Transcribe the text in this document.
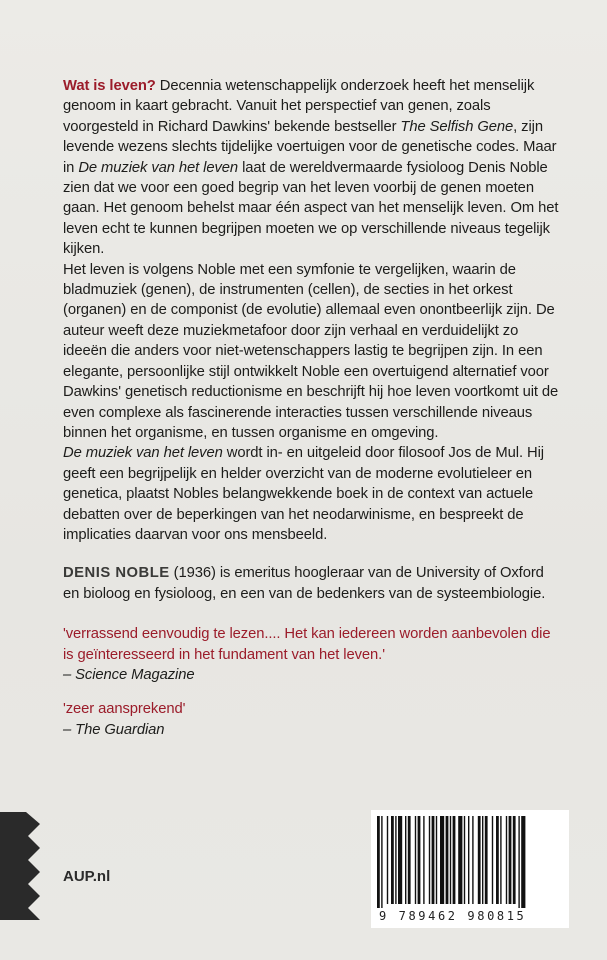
Wat is leven? Decennia wetenschappelijk onderzoek heeft het menselijk genoom in kaart gebracht. Vanuit het perspectief van genen, zoals voorgesteld in Richard Dawkins' bekende bestseller The Selfish Gene, zijn levende wezens slechts tijdelijke voertuigen voor de genetische codes. Maar in De muziek van het leven laat de wereldvermaarde fysioloog Denis Noble zien dat we voor een goed begrip van het leven voorbij de genen moeten gaan. Het genoom behelst maar één aspect van het menselijk leven. Om het leven echt te kunnen begrijpen moeten we op verschillende niveaus tegelijk kijken.

Het leven is volgens Noble met een symfonie te vergelijken, waarin de bladmuziek (genen), de instrumenten (cellen), de secties in het orkest (organen) en de componist (de evolutie) allemaal even onontbeerlijk zijn. De auteur weeft deze muziekmetafoor door zijn verhaal en verduidelijkt zo ideeën die anders voor niet-wetenschappers lastig te begrijpen zijn. In een elegante, persoonlijke stijl ontwikkelt Noble een overtuigend alternatief voor Dawkins' genetisch reductionisme en beschrijft hij hoe leven voortkomt uit de even complexe als fascinerende interacties tussen verschillende niveaus binnen het organisme, en tussen organisme en omgeving.

De muziek van het leven wordt in- en uitgeleid door filosoof Jos de Mul. Hij geeft een begrijpelijk en helder overzicht van de moderne evolutieleer en genetica, plaatst Nobles belangwekkende boek in de context van actuele debatten over de beperkingen van het neodarwinisme, en bespreekt de implicaties daarvan voor ons mensbeeld.

DENIS NOBLE (1936) is emeritus hoogleraar van de University of Oxford en bioloog en fysioloog, en een van de bedenkers van de systeembiologie.

'verrassend eenvoudig te lezen.... Het kan iedereen worden aanbevolen die is geïnteresseerd in het fundament van het leven.'

– Science Magazine

'zeer aansprekend'

– The Guardian

AUP.nl
9 789462 980815
